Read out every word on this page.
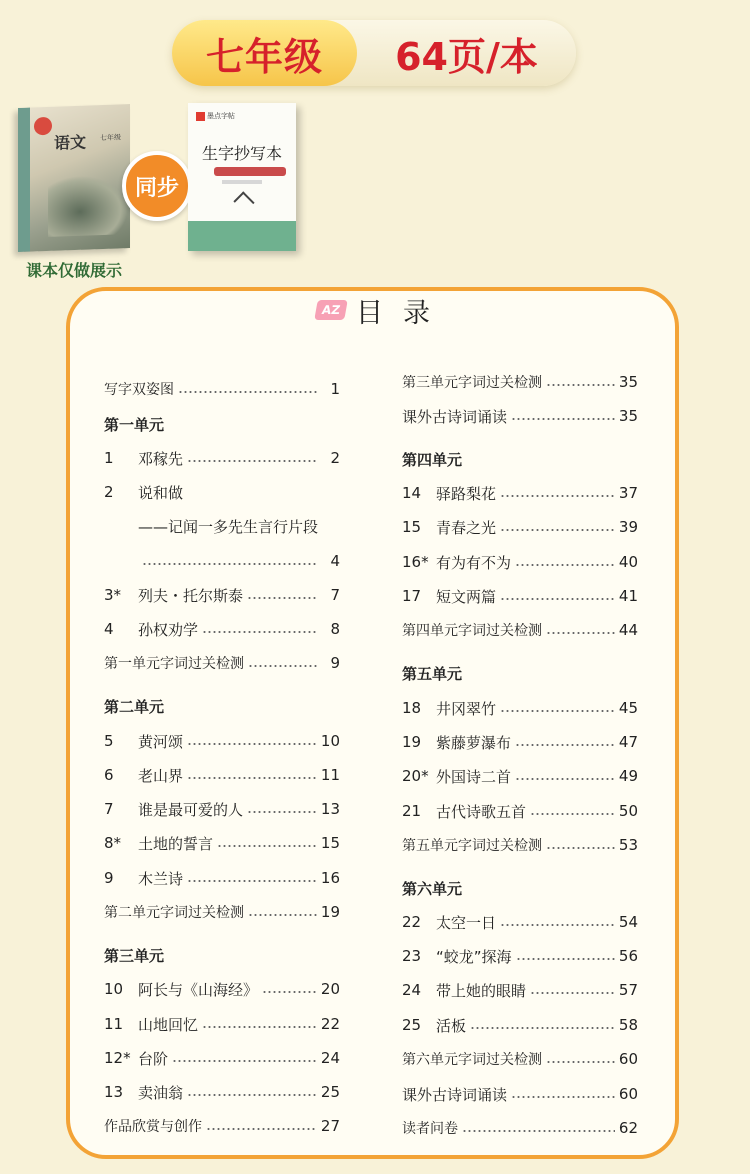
七年级	64页/本
语文 七年级
同步
墨点字帖
生字抄写本
课本仅做展示
AZ 目录
写字双姿图	1
第一单元
1	邓稼先	2
2	说和做
——记闻一多先生言行片段
4
3*	列夫・托尔斯泰	7
4	孙权劝学	8
第一单元字词过关检测	9
第二单元
5	黄河颂	10
6	老山界	11
7	谁是最可爱的人	13
8*	土地的誓言	15
9	木兰诗	16
第二单元字词过关检测	19
第三单元
10 阿长与《山海经》	20
11 山地回忆	22
12* 台阶	24
13 卖油翁	25
作品欣赏与创作	27
第三单元字词过关检测	35
课外古诗词诵读	35
第四单元
14 驿路梨花	37
15 青春之光	39
16* 有为有不为	40
17 短文两篇	41
第四单元字词过关检测	44
第五单元
18 井冈翠竹	45
19 紫藤萝瀑布	47
20* 外国诗二首	49
21 古代诗歌五首	50
第五单元字词过关检测	53
第六单元
22 太空一日	54
23 “蛟龙”探海	56
24 带上她的眼睛	57
25 活板	58
第六单元字词过关检测	60
课外古诗词诵读	60
读者问卷	62
